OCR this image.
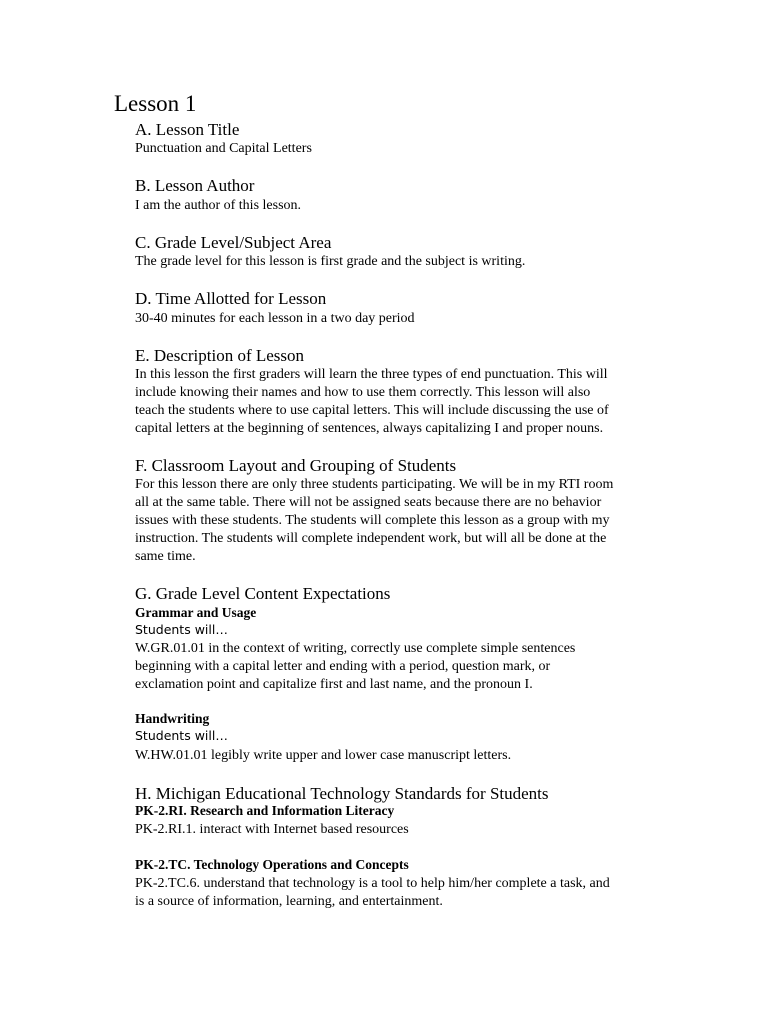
Lesson 1
A. Lesson Title
Punctuation and Capital Letters
B. Lesson Author
I am the author of this lesson.
C. Grade Level/Subject Area
The grade level for this lesson is first grade and the subject is writing.
D. Time Allotted for Lesson
30-40 minutes for each lesson in a two day period
E. Description of Lesson
In this lesson the first graders will learn the three types of end punctuation. This will
include knowing their names and how to use them correctly. This lesson will also
teach the students where to use capital letters. This will include discussing the use of
capital letters at the beginning of sentences, always capitalizing I and proper nouns.
F. Classroom Layout and Grouping of Students
For this lesson there are only three students participating. We will be in my RTI room
all at the same table. There will not be assigned seats because there are no behavior
issues with these students. The students will complete this lesson as a group with my
instruction. The students will complete independent work, but will all be done at the
same time.
G. Grade Level Content Expectations
Grammar and Usage
Students will…
W.GR.01.01 in the context of writing, correctly use complete simple sentences
beginning with a capital letter and ending with a period, question mark, or
exclamation point and capitalize first and last name, and the pronoun I.
Handwriting
Students will…
W.HW.01.01 legibly write upper and lower case manuscript letters.
H. Michigan Educational Technology Standards for Students
PK-2.RI. Research and Information Literacy
PK-2.RI.1. interact with Internet based resources
PK-2.TC. Technology Operations and Concepts
PK-2.TC.6. understand that technology is a tool to help him/her complete a task, and
is a source of information, learning, and entertainment.
